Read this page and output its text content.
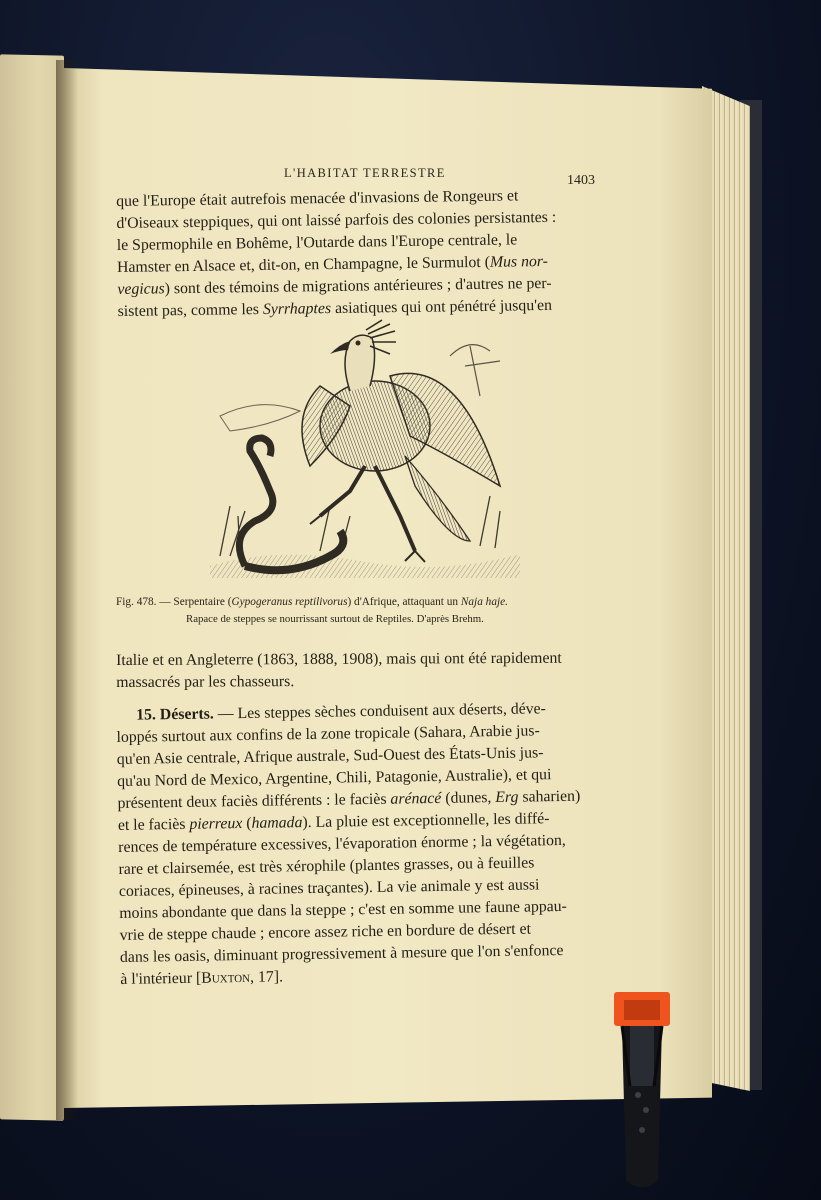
L'HABITAT TERRESTRE	1403
que l'Europe était autrefois menacée d'invasions de Rongeurs et
d'Oiseaux steppiques, qui ont laissé parfois des colonies persistantes :
le Spermophile en Bohême, l'Outarde dans l'Europe centrale, le
Hamster en Alsace et, dit-on, en Champagne, le Surmulot (Mus nor-
vegicus) sont des témoins de migrations antérieures ; d'autres ne per-
sistent pas, comme les Syrrhaptes asiatiques qui ont pénétré jusqu'en
Fig. 478. — Serpentaire (Gypogeranus reptilivorus) d'Afrique, attaquant un Naja haje.
Rapace de steppes se nourrissant surtout de Reptiles. D'après Brehm.
Italie et en Angleterre (1863, 1888, 1908), mais qui ont été rapidement
massacrés par les chasseurs.
15. Déserts. — Les steppes sèches conduisent aux déserts, déve-
loppés surtout aux confins de la zone tropicale (Sahara, Arabie jus-
qu'en Asie centrale, Afrique australe, Sud-Ouest des États-Unis jus-
qu'au Nord de Mexico, Argentine, Chili, Patagonie, Australie), et qui
présentent deux faciès différents : le faciès arénacé (dunes, Erg saharien)
et le faciès pierreux (hamada). La pluie est exceptionnelle, les diffé-
rences de température excessives, l'évaporation énorme ; la végétation,
rare et clairsemée, est très xérophile (plantes grasses, ou à feuilles
coriaces, épineuses, à racines traçantes). La vie animale y est aussi
moins abondante que dans la steppe ; c'est en somme une faune appau-
vrie de steppe chaude ; encore assez riche en bordure de désert et
dans les oasis, diminuant progressivement à mesure que l'on s'enfonce
à l'intérieur [Buxton, 17].
